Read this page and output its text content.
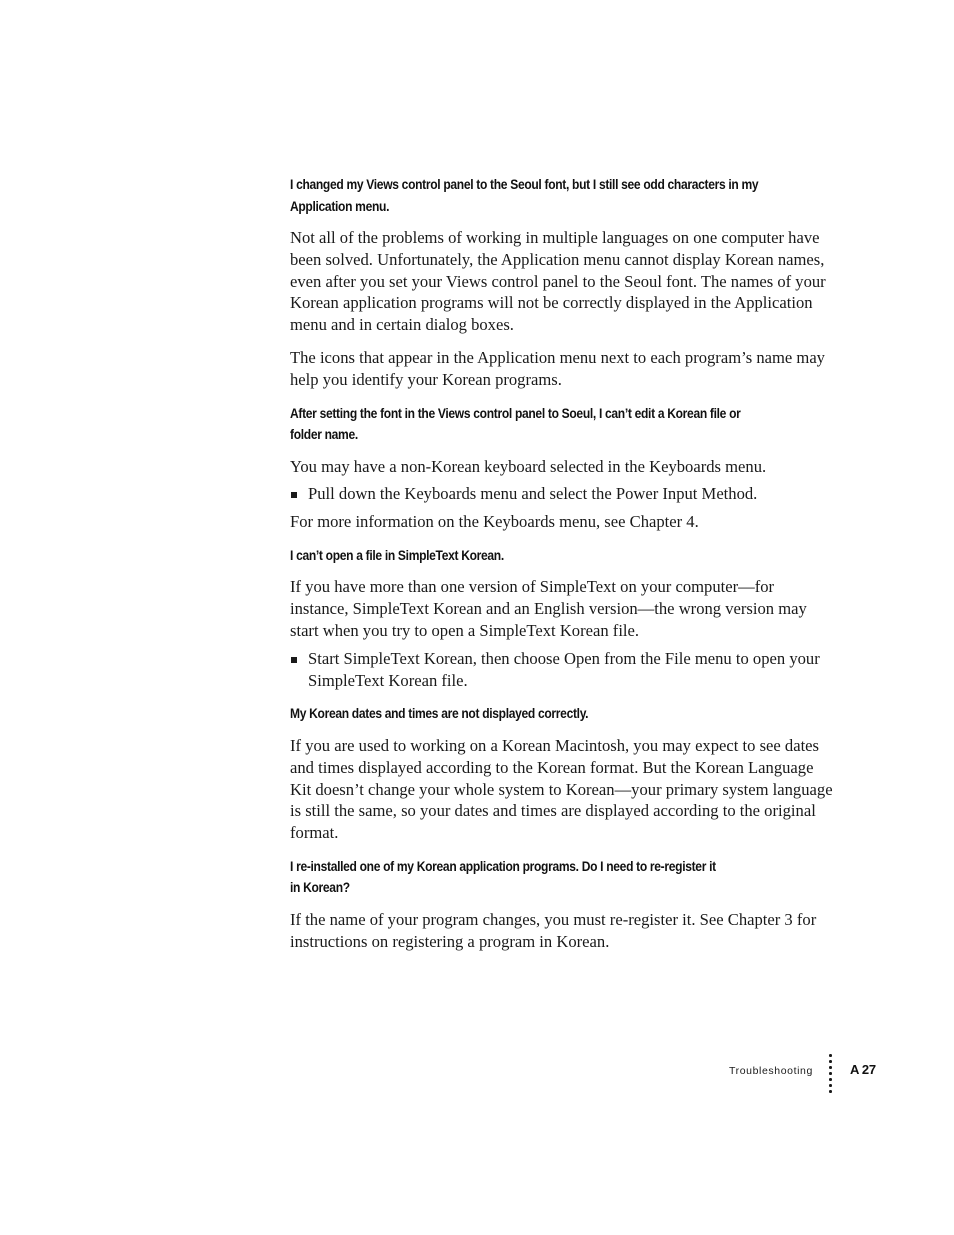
I changed my Views control panel to the Seoul font, but I still see odd characters in my
Application menu.

Not all of the problems of working in multiple languages on one computer have been solved. Unfortunately, the Application menu cannot display Korean names, even after you set your Views control panel to the Seoul font. The names of your Korean application programs will not be correctly displayed in the Application menu and in certain dialog boxes.

The icons that appear in the Application menu next to each program’s name may help you identify your Korean programs.

After setting the font in the Views control panel to Soeul, I can’t edit a Korean file or
folder name.

You may have a non-Korean keyboard selected in the Keyboards menu.

Pull down the Keyboards menu and select the Power Input Method.

For more information on the Keyboards menu, see Chapter 4.

I can’t open a file in SimpleText Korean.

If you have more than one version of SimpleText on your computer—for instance, SimpleText Korean and an English version—the wrong version may start when you try to open a SimpleText Korean file.

Start SimpleText Korean, then choose Open from the File menu to open your SimpleText Korean file.
My Korean dates and times are not displayed correctly.

If you are used to working on a Korean Macintosh, you may expect to see dates and times displayed according to the Korean format. But the Korean Language Kit doesn’t change your whole system to Korean—your primary system language is still the same, so your dates and times are displayed according to the original format.

I re-installed one of my Korean application programs. Do I need to re-register it
in Korean?

If the name of your program changes, you must re-register it. See Chapter 3 for instructions on registering a program in Korean.

Troubleshooting	A 27
